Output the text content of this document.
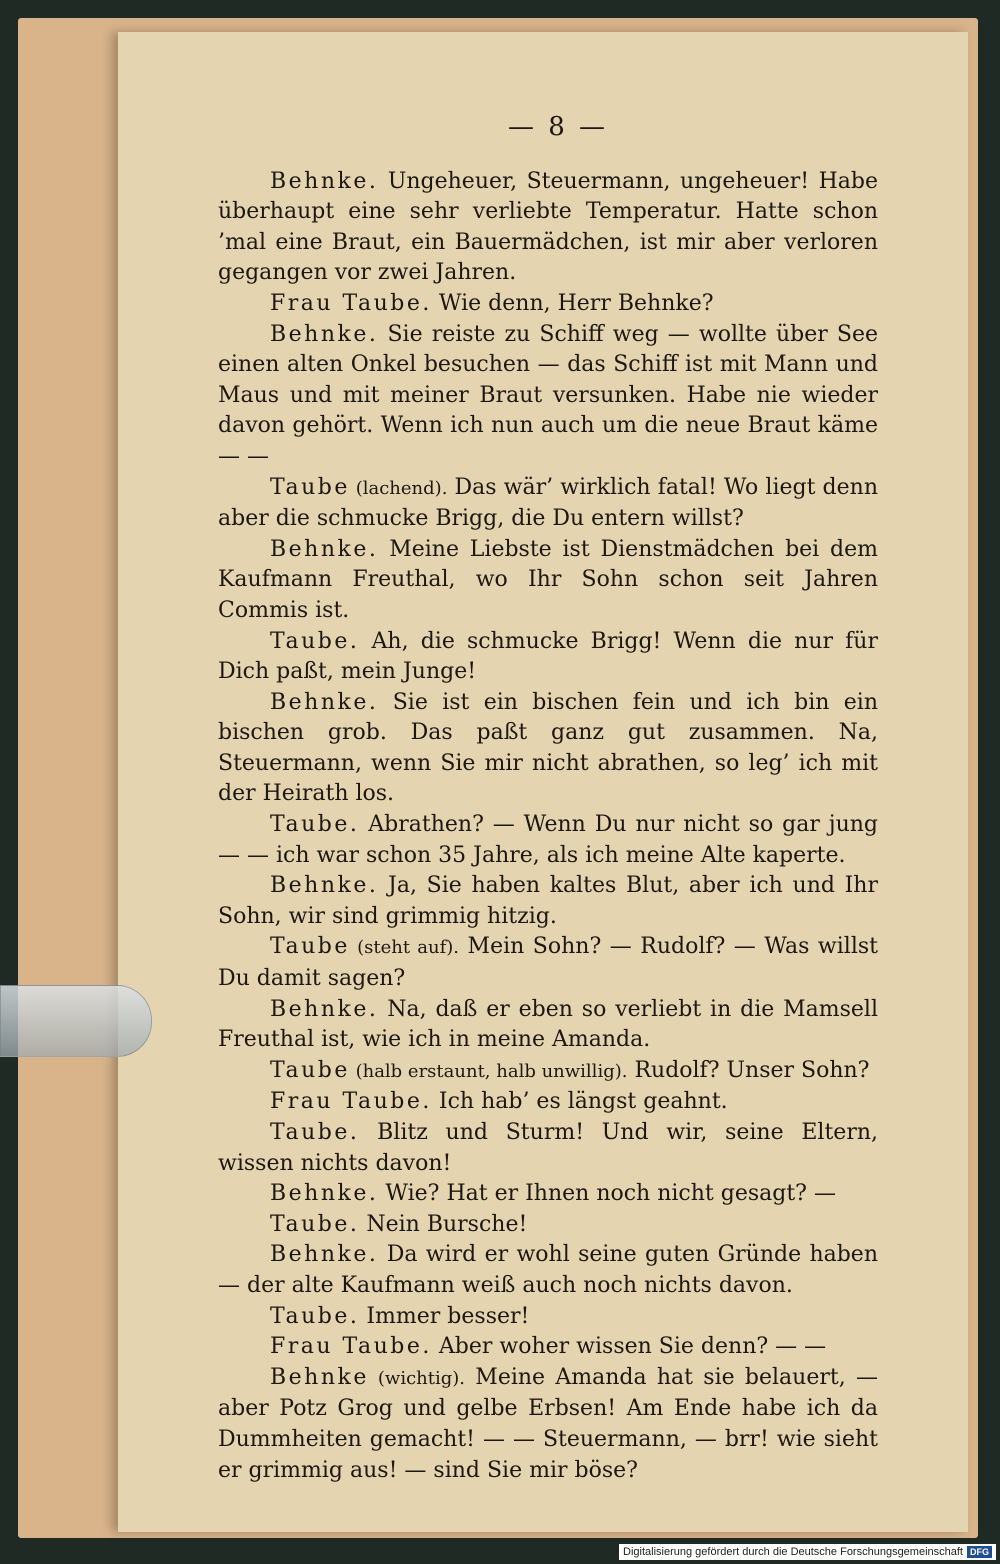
— 8 —

Behnke. Ungeheuer, Steuermann, ungeheuer! Habe überhaupt eine sehr verliebte Temperatur. Hatte schon ’mal eine Braut, ein Bauermädchen, ist mir aber verloren gegangen vor zwei Jahren.

Frau Taube. Wie denn, Herr Behnke?

Behnke. Sie reiste zu Schiff weg — wollte über See einen alten Onkel besuchen — das Schiff ist mit Mann und Maus und mit meiner Braut versunken. Habe nie wieder davon gehört. Wenn ich nun auch um die neue Braut käme — —

Taube (lachend). Das wär’ wirklich fatal! Wo liegt denn aber die schmucke Brigg, die Du entern willst?

Behnke. Meine Liebste ist Dienstmädchen bei dem Kaufmann Freuthal, wo Ihr Sohn schon seit Jahren Commis ist.

Taube. Ah, die schmucke Brigg! Wenn die nur für Dich paßt, mein Junge!

Behnke. Sie ist ein bischen fein und ich bin ein bischen grob. Das paßt ganz gut zusammen. Na, Steuermann, wenn Sie mir nicht abrathen, so leg’ ich mit der Heirath los.

Taube. Abrathen? — Wenn Du nur nicht so gar jung — — ich war schon 35 Jahre, als ich meine Alte kaperte.

Behnke. Ja, Sie haben kaltes Blut, aber ich und Ihr Sohn, wir sind grimmig hitzig.

Taube (steht auf). Mein Sohn? — Rudolf? — Was willst Du damit sagen?

Behnke. Na, daß er eben so verliebt in die Mamsell Freuthal ist, wie ich in meine Amanda.

Taube (halb erstaunt, halb unwillig). Rudolf? Unser Sohn?

Frau Taube. Ich hab’ es längst geahnt.

Taube. Blitz und Sturm! Und wir, seine Eltern, wissen nichts davon!

Behnke. Wie? Hat er Ihnen noch nicht gesagt? —

Taube. Nein Bursche!

Behnke. Da wird er wohl seine guten Gründe haben — der alte Kaufmann weiß auch noch nichts davon.

Taube. Immer besser!

Frau Taube. Aber woher wissen Sie denn? — —

Behnke (wichtig). Meine Amanda hat sie belauert, — aber Potz Grog und gelbe Erbsen! Am Ende habe ich da Dummheiten gemacht! — — Steuermann, — brr! wie sieht er grimmig aus! — sind Sie mir böse?

Digitalisierung gefördert durch die Deutsche Forschungsgemeinschaft DFG
